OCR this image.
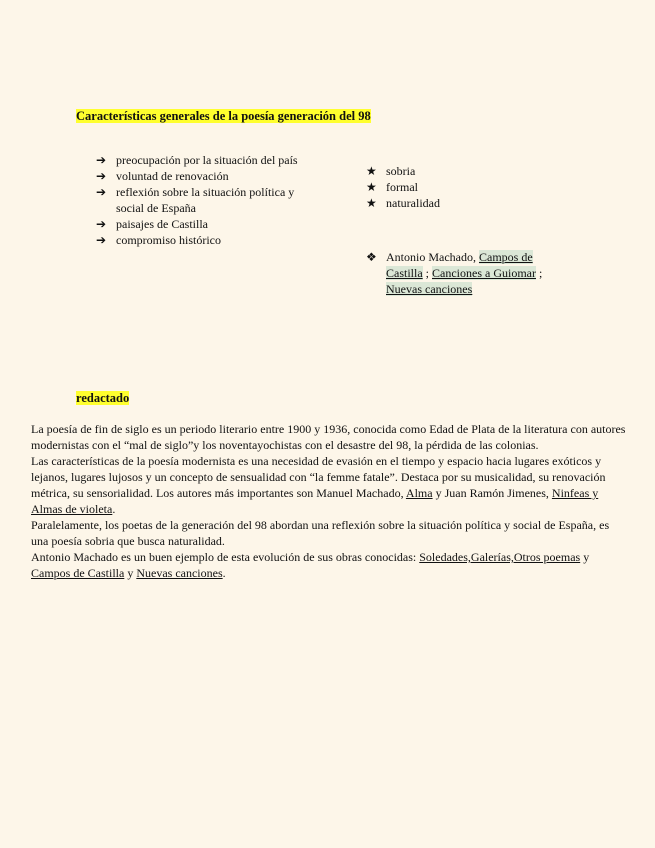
Características generales de la poesía generación del 98
➔ preocupación por la situación del país
➔ voluntad de renovación
➔ reflexión sobre la situación política y social de España
➔ paisajes de Castilla
➔ compromiso histórico
★ sobria
★ formal
★ naturalidad
❖ Antonio Machado, Campos de Castilla ; Canciones a Guiomar ; Nuevas canciones
redactado

La poesía de fin de siglo es un periodo literario entre 1900 y 1936, conocida como Edad de Plata de la literatura con autores modernistas con el “mal de siglo”y los noventayochistas con el desastre del 98, la pérdida de las colonias.

Las características de la poesía modernista es una necesidad de evasión en el tiempo y espacio hacia lugares exóticos y lejanos, lugares lujosos y un concepto de sensualidad con “la femme fatale”. Destaca por su musicalidad, su renovación métrica, su sensorialidad. Los autores más importantes son Manuel Machado, Alma y Juan Ramón Jimenes, Ninfeas y Almas de violeta.

Paralelamente, los poetas de la generación del 98 abordan una reflexión sobre la situación política y social de España, es una poesía sobria que busca naturalidad.

Antonio Machado es un buen ejemplo de esta evolución de sus obras conocidas: Soledades,Galerías,Otros poemas y Campos de Castilla y Nuevas canciones.
